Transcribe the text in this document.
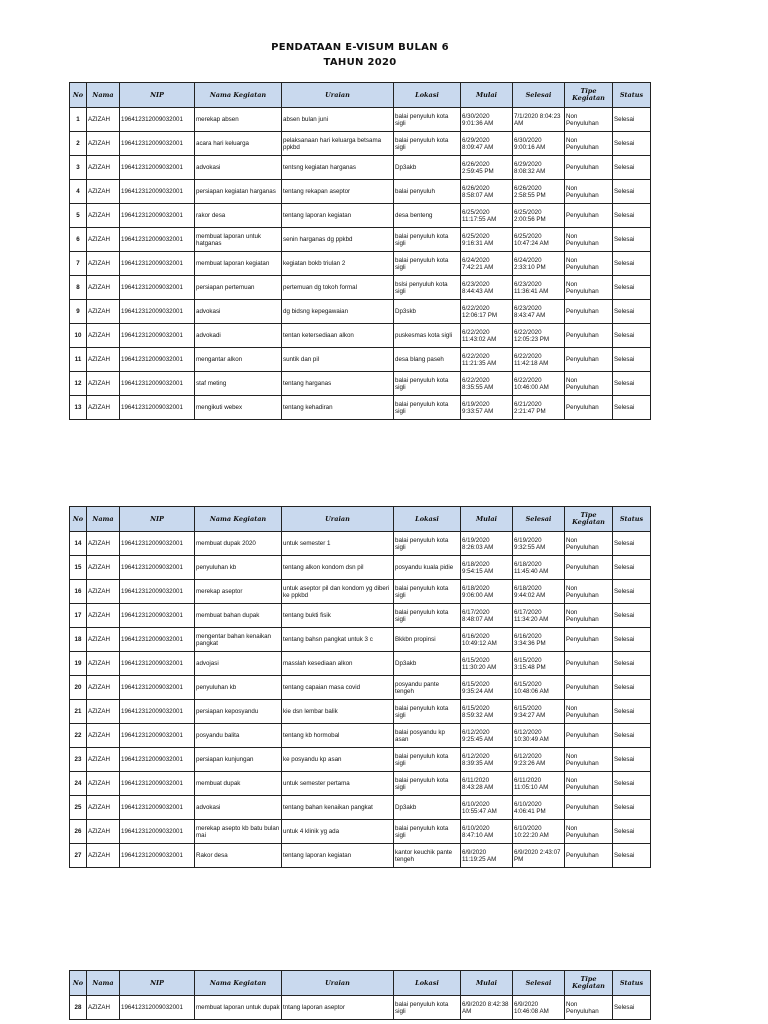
PENDATAAN E-VISUM BULAN 6
TAHUN 2020
No	Nama	NIP	Nama Kegiatan	Uraian	Lokasi	Mulai	Selesai	Tipe Kegiatan	Status
1	AZIZAH	196412312009032001	merekap absen	absen bulan juni	balai penyuluh kota sigli	6/30/2020 9:01:36 AM	7/1/2020 8:04:23 AM	Non Penyuluhan	Selesai
2	AZIZAH	196412312009032001	acara hari keluarga	pelaksanaan hari keluarga betsama ppkbd	balai penyuluh kota sigli	6/29/2020 8:09:47 AM	6/30/2020 9:00:16 AM	Non Penyuluhan	Selesai
3	AZIZAH	196412312009032001	advokasi	tentsng kegiatan harganas	Dp3akb	6/26/2020 2:59:45 PM	6/29/2020 8:08:32 AM	Penyuluhan	Selesai
4	AZIZAH	196412312009032001	persiapan kegiatan harganas	tentang rekapan aseptor	balai penyuluh	6/26/2020 8:58:07 AM	6/26/2020 2:58:55 PM	Non Penyuluhan	Selesai
5	AZIZAH	196412312009032001	rakor desa	tentang laporan kegiatan	desa benteng	6/25/2020 11:17:55 AM	6/25/2020 2:00:56 PM	Penyuluhan	Selesai
6	AZIZAH	196412312009032001	membuat laporan untuk hatganas	senin harganas dg ppkbd	balai penyuluh kota sigli	6/25/2020 9:16:31 AM	6/25/2020 10:47:24 AM	Non Penyuluhan	Selesai
7	AZIZAH	196412312009032001	membuat laporan kegiatan	kegiatan bokb triulan 2	balai penyuluh kota sigli	6/24/2020 7:42:21 AM	6/24/2020 2:33:10 PM	Non Penyuluhan	Selesai
8	AZIZAH	196412312009032001	persiapan pertemuan	pertemuan dg tokoh formal	bslsi penyuluh kota sigli	6/23/2020 8:44:43 AM	6/23/2020 11:36:41 AM	Non Penyuluhan	Selesai
9	AZIZAH	196412312009032001	advokasi	dg bidsng kepegawaian	Dp3skb	6/22/2020 12:06:17 PM	6/23/2020 8:43:47 AM	Penyuluhan	Selesai
10	AZIZAH	196412312009032001	advokadi	tentan ketersediaan alkon	puskesmas kota sigli	6/22/2020 11:43:02 AM	6/22/2020 12:05:23 PM	Penyuluhan	Selesai
11	AZIZAH	196412312009032001	mengantar alkon	suntik dan pil	desa blang paseh	6/22/2020 11:21:35 AM	6/22/2020 11:42:18 AM	Penyuluhan	Selesai
12	AZIZAH	196412312009032001	staf meting	tentang harganas	balai penyuluh kota sigli	6/22/2020 8:35:55 AM	6/22/2020 10:46:00 AM	Non Penyuluhan	Selesai
13	AZIZAH	196412312009032001	mengikuti webex	tentang kehadiran	balai penyuluh kota sigli	6/19/2020 9:33:57 AM	6/21/2020 2:21:47 PM	Penyuluhan	Selesai
No	Nama	NIP	Nama Kegiatan	Uraian	Lokasi	Mulai	Selesai	Tipe Kegiatan	Status
14	AZIZAH	196412312009032001	membuat dupak 2020	untuk semester 1	balai penyuluh kota sigli	6/19/2020 8:26:03 AM	6/19/2020 9:32:55 AM	Non Penyuluhan	Selesai
15	AZIZAH	196412312009032001	penyuluhan kb	tentang alkon kondom dsn pil	posyandu kuala pidie	6/18/2020 9:54:15 AM	6/18/2020 11:45:40 AM	Penyuluhan	Selesai
16	AZIZAH	196412312009032001	merekap aseptor	untuk aseptor pil dan kondom yg diberi ke ppkbd	balai penyuluh kota sigli	6/18/2020 9:06:00 AM	6/18/2020 9:44:02 AM	Non Penyuluhan	Selesai
17	AZIZAH	196412312009032001	membuat bahan dupak	tentang bukti fisik	balai penyuluh kota sigli	6/17/2020 8:48:07 AM	6/17/2020 11:34:20 AM	Non Penyuluhan	Selesai
18	AZIZAH	196412312009032001	mengentar bahan kenaikan pangkat	tentang bahsn pangkat untuk 3 c	Bkkbn propinsi	6/16/2020 10:49:12 AM	6/16/2020 3:34:36 PM	Penyuluhan	Selesai
19	AZIZAH	196412312009032001	advojasi	masslah kesediaan alkon	Dp3akb	6/15/2020 11:30:20 AM	6/15/2020 3:15:48 PM	Penyuluhan	Selesai
20	AZIZAH	196412312009032001	penyuluhan kb	tentang capaian masa covid	posyandu pante tengeh	6/15/2020 9:35:24 AM	6/15/2020 10:48:06 AM	Penyuluhan	Selesai
21	AZIZAH	196412312009032001	persiapan keposyandu	kie dsn lembar balik	balai penyuluh kota sigli	6/15/2020 8:59:32 AM	6/15/2020 9:34:27 AM	Non Penyuluhan	Selesai
22	AZIZAH	196412312009032001	posyandu balita	tentang kb hormobal	balai posyandu kp asan	6/12/2020 9:25:45 AM	6/12/2020 10:30:49 AM	Penyuluhan	Selesai
23	AZIZAH	196412312009032001	persiapan kunjungan	ke posyandu kp asan	balai penyuluh kota sigli	6/12/2020 8:39:35 AM	6/12/2020 9:23:26 AM	Non Penyuluhan	Selesai
24	AZIZAH	196412312009032001	membuat dupak	untuk semester pertama	balai penyuluh kota sigli	6/11/2020 8:43:28 AM	6/11/2020 11:05:10 AM	Non Penyuluhan	Selesai
25	AZIZAH	196412312009032001	advokasi	tentang bahan kenaikan pangkat	Dp3akb	6/10/2020 10:55:47 AM	6/10/2020 4:06:41 PM	Penyuluhan	Selesai
26	AZIZAH	196412312009032001	merekap asepto kb batu bulan mai	untuk 4 klinik yg ada	balai penyuluh kota sigli	6/10/2020 8:47:10 AM	6/10/2020 10:22:20 AM	Non Penyuluhan	Selesai
27	AZIZAH	196412312009032001	Rakor desa	tentang laporan kegiatan	kantor keuchik pante tengeh	6/9/2020 11:19:25 AM	6/9/2020 2:43:07 PM	Penyuluhan	Selesai
No	Nama	NIP	Nama Kegiatan	Uraian	Lokasi	Mulai	Selesai	Tipe Kegiatan	Status
28	AZIZAH	196412312009032001	membuat laporan untuk dupak	tntang laporan aseptor	balai penyuluh kota sigli	6/9/2020 8:42:38 AM	6/9/2020 10:46:08 AM	Non Penyuluhan	Selesai
